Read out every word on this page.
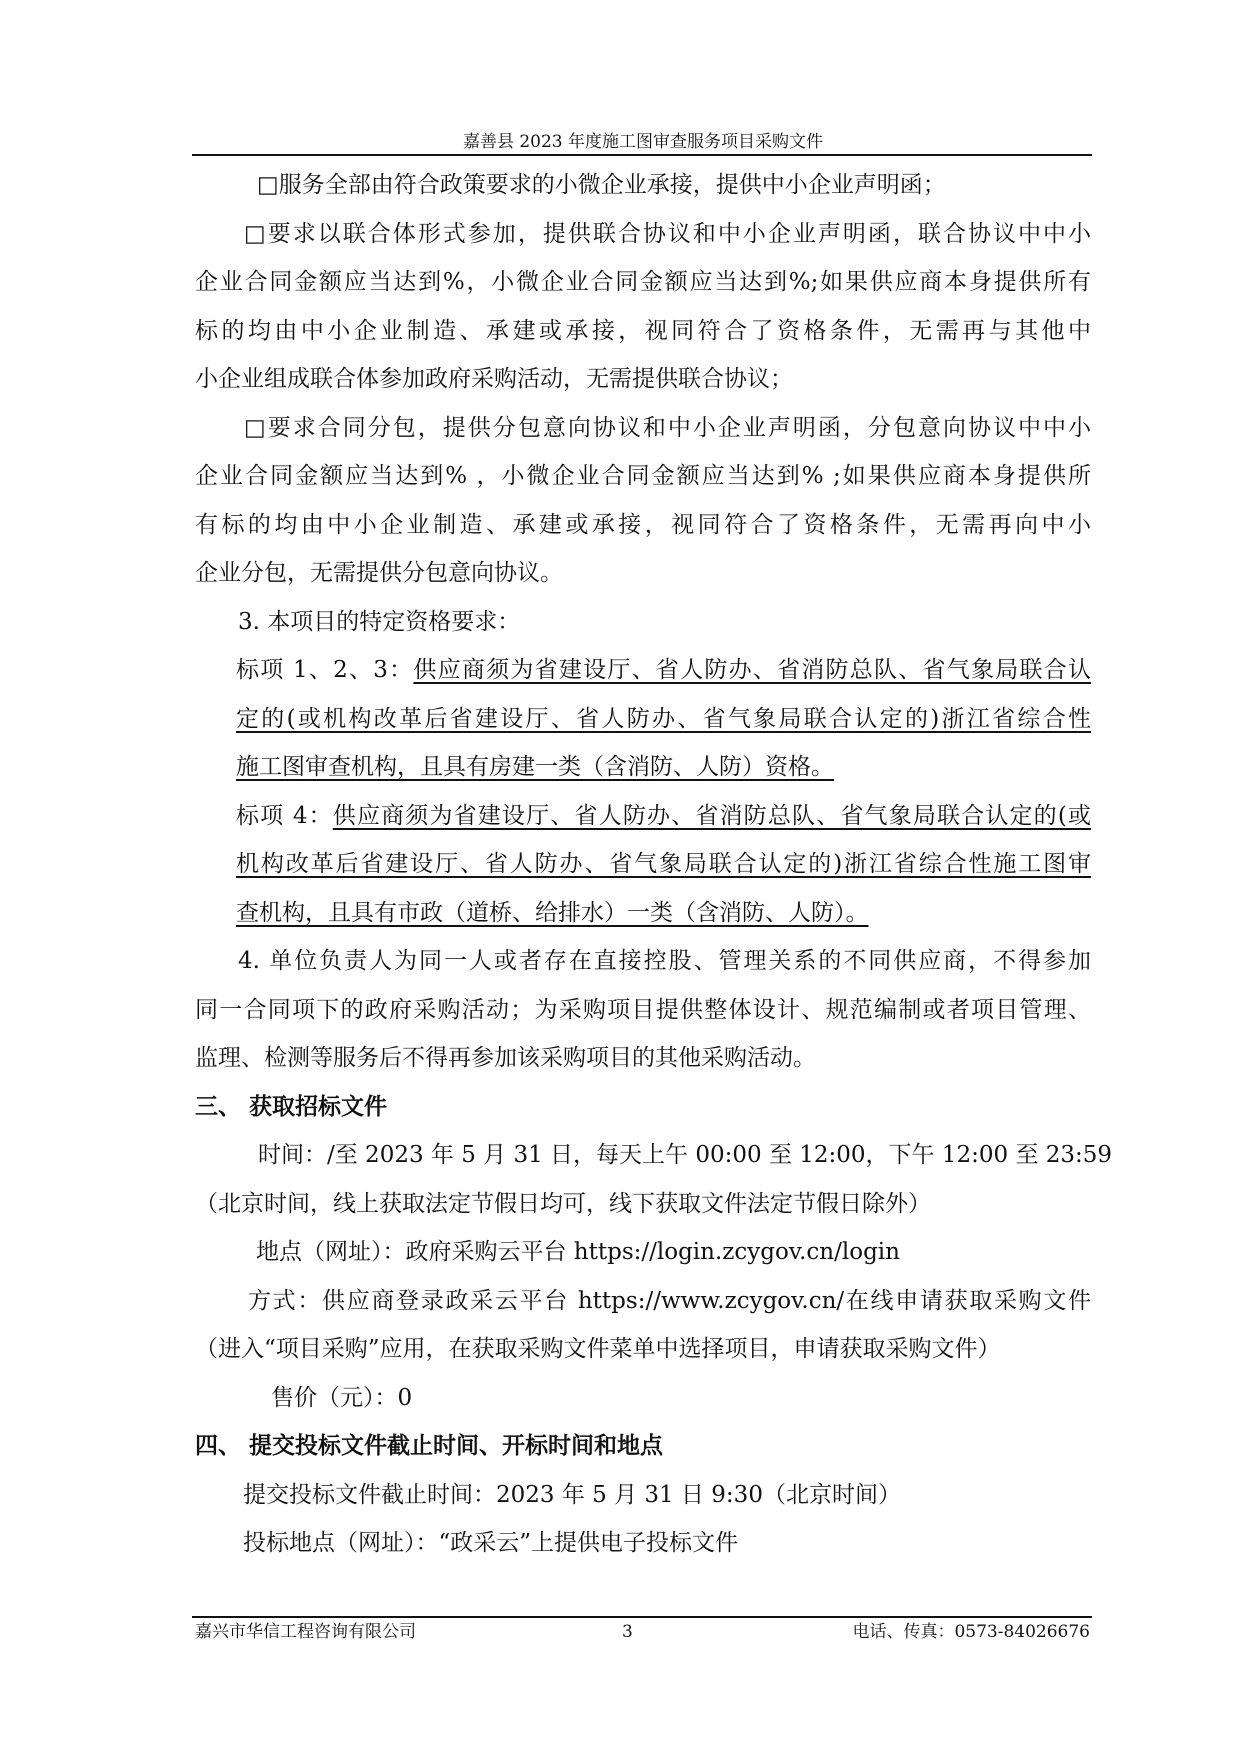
嘉善县 2023 年度施工图审查服务项目采购文件
□服务全部由符合政策要求的小微企业承接，提供中小企业声明函；
□要求以联合体形式参加，提供联合协议和中小企业声明函，联合协议中中小
企业合同金额应当达到%，小微企业合同金额应当达到%;如果供应商本身提供所有
标的均由中小企业制造、承建或承接，视同符合了资格条件，无需再与其他中
小企业组成联合体参加政府采购活动，无需提供联合协议；
□要求合同分包，提供分包意向协议和中小企业声明函，分包意向协议中中小
企业合同金额应当达到% ，小微企业合同金额应当达到% ;如果供应商本身提供所
有标的均由中小企业制造、承建或承接，视同符合了资格条件，无需再向中小
企业分包，无需提供分包意向协议。
3. 本项目的特定资格要求：
标项 1、2、3：供应商须为省建设厅、省人防办、省消防总队、省气象局联合认
定的(或机构改革后省建设厅、省人防办、省气象局联合认定的)浙江省综合性
施工图审查机构，且具有房建一类（含消防、人防）资格。
标项 4：供应商须为省建设厅、省人防办、省消防总队、省气象局联合认定的(或
机构改革后省建设厅、省人防办、省气象局联合认定的)浙江省综合性施工图审
查机构，且具有市政（道桥、给排水）一类（含消防、人防）。
4. 单位负责人为同一人或者存在直接控股、管理关系的不同供应商，不得参加
同一合同项下的政府采购活动；为采购项目提供整体设计、规范编制或者项目管理、
监理、检测等服务后不得再参加该采购项目的其他采购活动。
三、 获取招标文件
时间：/至 2023 年 5 月 31 日，每天上午 00:00 至 12:00，下午 12:00 至 23:59
（北京时间，线上获取法定节假日均可，线下获取文件法定节假日除外）
地点（网址）：政府采购云平台 https://login.zcygov.cn/login
方式：供应商登录政采云平台 https://www.zcygov.cn/在线申请获取采购文件
（进入“项目采购”应用，在获取采购文件菜单中选择项目，申请获取采购文件）
售价（元）：0
四、 提交投标文件截止时间、开标时间和地点
提交投标文件截止时间：2023 年 5 月 31 日 9:30（北京时间）
投标地点（网址）：“政采云”上提供电子投标文件
嘉兴市华信工程咨询有限公司	3	电话、传真：0573-84026676
